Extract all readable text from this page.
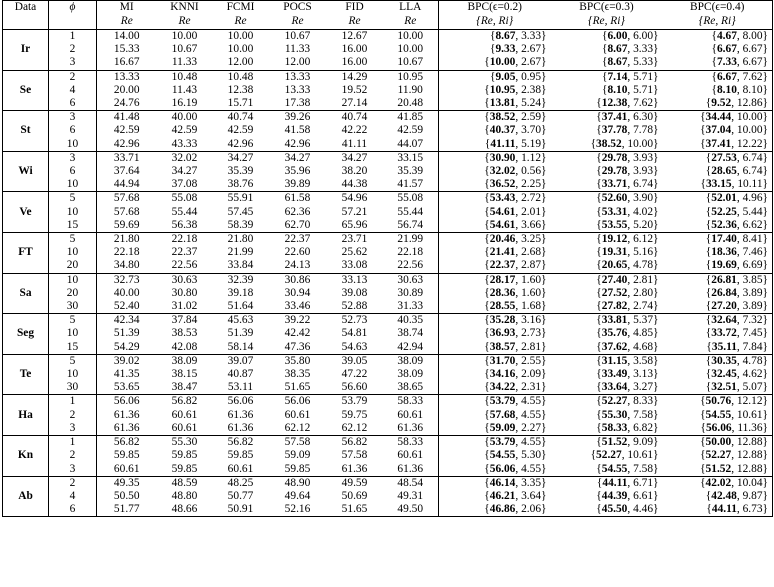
Data	ϕ	MI	KNNI	FCMI	POCS	FID	LLA	BPC(ϵ=0.2)	BPC(ϵ=0.3)	BPC(ϵ=0.4)
		Re	Re	Re	Re	Re	Re	{Re, Ri}	{Re, Ri}	{Re, Ri}
Ir	1	14.00	10.00	10.00	10.67	12.67	10.00	{8.67, 3.33}	{6.00, 6.00}	{4.67, 8.00}
	2	15.33	10.67	10.00	11.33	16.00	10.00	{9.33, 2.67}	{8.67, 3.33}	{6.67, 6.67}
	3	16.67	11.33	12.00	12.00	16.00	10.67	{10.00, 2.67}	{8.67, 5.33}	{7.33, 6.67}
Se	2	13.33	10.48	10.48	13.33	14.29	10.95	{9.05, 0.95}	{7.14, 5.71}	{6.67, 7.62}
	4	20.00	11.43	12.38	13.33	19.52	11.90	{10.95, 2.38}	{8.10, 5.71}	{8.10, 8.10}
	6	24.76	16.19	15.71	17.38	27.14	20.48	{13.81, 5.24}	{12.38, 7.62}	{9.52, 12.86}
St	3	41.48	40.00	40.74	39.26	40.74	41.85	{38.52, 2.59}	{37.41, 6.30}	{34.44, 10.00}
	6	42.59	42.59	42.59	41.58	42.22	42.59	{40.37, 3.70}	{37.78, 7.78}	{37.04, 10.00}
	10	42.96	43.33	42.96	42.96	41.11	44.07	{41.11, 5.19}	{38.52, 10.00}	{37.41, 12.22}
Wi	3	33.71	32.02	34.27	34.27	34.27	33.15	{30.90, 1.12}	{29.78, 3.93}	{27.53, 6.74}
	6	37.64	34.27	35.39	35.96	38.20	35.39	{32.02, 0.56}	{29.78, 3.93}	{28.65, 6.74}
	10	44.94	37.08	38.76	39.89	44.38	41.57	{36.52, 2.25}	{33.71, 6.74}	{33.15, 10.11}
Ve	5	57.68	55.08	55.91	61.58	54.96	55.08	{53.43, 2.72}	{52.60, 3.90}	{52.01, 4.96}
	10	57.68	55.44	57.45	62.36	57.21	55.44	{54.61, 2.01}	{53.31, 4.02}	{52.25, 5.44}
	15	59.69	56.38	58.39	62.70	65.96	56.74	{54.61, 3.66}	{53.55, 5.20}	{52.36, 6.62}
FT	5	21.80	22.18	21.80	22.37	23.71	21.99	{20.46, 3.25}	{19.12, 6.12}	{17.40, 8.41}
	10	22.18	22.37	21.99	22.60	25.62	22.18	{21.41, 2.68}	{19.31, 5.16}	{18.36, 7.46}
	20	34.80	22.56	33.84	24.13	33.08	22.56	{22.37, 2.87}	{20.65, 4.78}	{19.69, 6.69}
Sa	10	32.73	30.63	32.39	30.86	33.13	30.63	{28.17, 1.60}	{27.40, 2.81}	{26.81, 3.85}
	20	40.00	30.80	39.18	30.94	39.08	30.89	{28.36, 1.60}	{27.52, 2.80}	{26.84, 3.89}
	30	52.40	31.02	51.64	33.46	52.88	31.33	{28.55, 1.68}	{27.82, 2.74}	{27.20, 3.89}
Seg	5	42.34	37.84	45.63	39.22	52.73	40.35	{35.28, 3.16}	{33.81, 5.37}	{32.64, 7.32}
	10	51.39	38.53	51.39	42.42	54.81	38.74	{36.93, 2.73}	{35.76, 4.85}	{33.72, 7.45}
	15	54.29	42.08	58.14	47.36	54.63	42.94	{38.57, 2.81}	{37.62, 4.68}	{35.11, 7.84}
Te	5	39.02	38.09	39.07	35.80	39.05	38.09	{31.70, 2.55}	{31.15, 3.58}	{30.35, 4.78}
	10	41.35	38.15	40.87	38.35	47.22	38.09	{34.16, 2.09}	{33.49, 3.13}	{32.45, 4.62}
	30	53.65	38.47	53.11	51.65	56.60	38.65	{34.22, 2.31}	{33.64, 3.27}	{32.51, 5.07}
Ha	1	56.06	56.82	56.06	56.06	53.79	58.33	{53.79, 4.55}	{52.27, 8.33}	{50.76, 12.12}
	2	61.36	60.61	61.36	60.61	59.75	60.61	{57.68, 4.55}	{55.30, 7.58}	{54.55, 10.61}
	3	61.36	60.61	61.36	62.12	62.12	61.36	{59.09, 2.27}	{58.33, 6.82}	{56.06, 11.36}
Kn	1	56.82	55.30	56.82	57.58	56.82	58.33	{53.79, 4.55}	{51.52, 9.09}	{50.00, 12.88}
	2	59.85	59.85	59.85	59.09	57.58	60.61	{54.55, 5.30}	{52.27, 10.61}	{52.27, 12.88}
	3	60.61	59.85	60.61	59.85	61.36	61.36	{56.06, 4.55}	{54.55, 7.58}	{51.52, 12.88}
Ab	2	49.35	48.59	48.25	48.90	49.59	48.54	{46.14, 3.35}	{44.11, 6.71}	{42.02, 10.04}
	4	50.50	48.80	50.77	49.64	50.69	49.31	{46.21, 3.64}	{44.39, 6.61}	{42.48, 9.87}
	6	51.77	48.66	50.91	52.16	51.65	49.50	{46.86, 2.06}	{45.50, 4.46}	{44.11, 6.73}
